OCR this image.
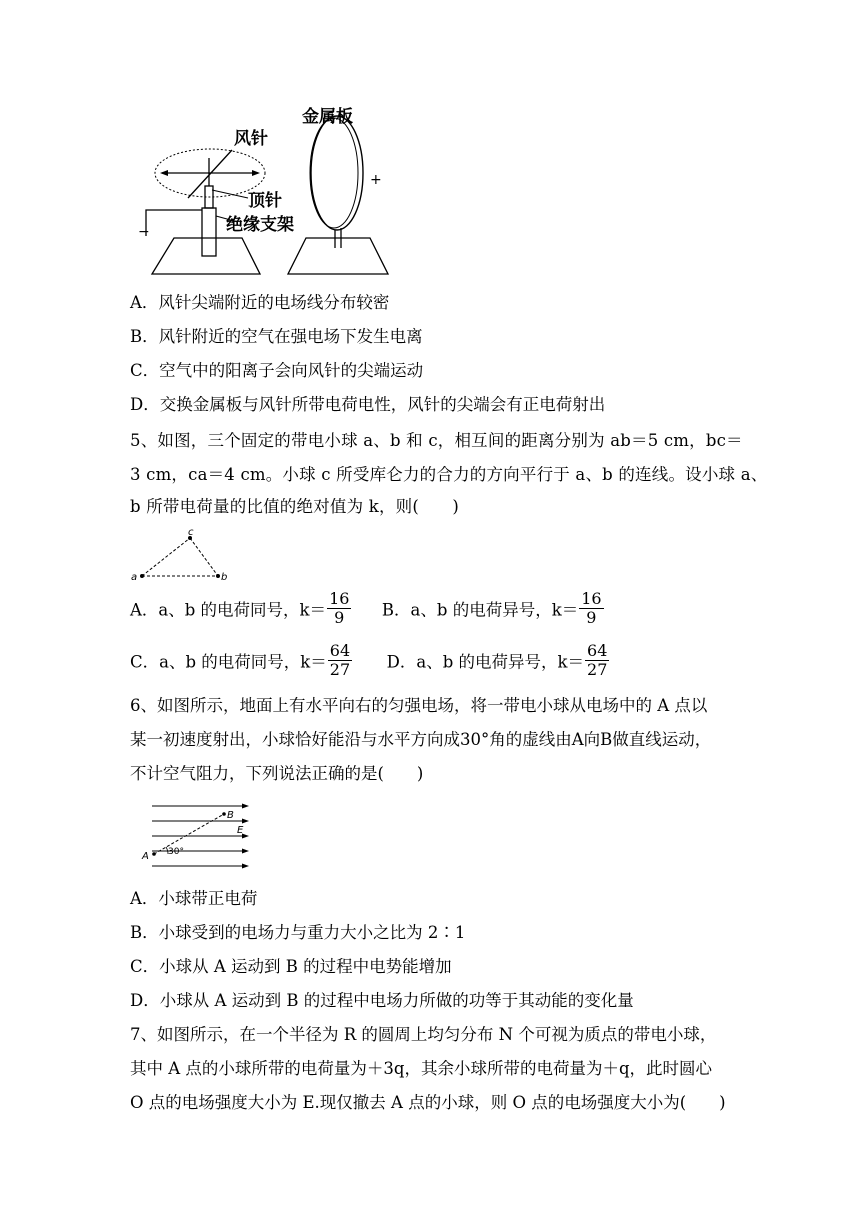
−
风针
顶针
绝缘支架
金属板
+
A．风针尖端附近的电场线分布较密
B．风针附近的空气在强电场下发生电离
C．空气中的阳离子会向风针的尖端运动
D．交换金属板与风针所带电荷电性，风针的尖端会有正电荷射出
5、如图，三个固定的带电小球 a、b 和 c，相互间的距离分别为 ab＝5 cm，bc＝
3 cm，ca＝4 cm。小球 c 所受库仑力的合力的方向平行于 a、b 的连线。设小球 a、
b 所带电荷量的比值的绝对值为 k，则(　　)
a	b
c
A．a、b 的电荷同号，$k= \frac{16}{9}$ B．a、b 的电荷异号，$k= \frac{16}{9}$
C．a、b 的电荷同号，$k= \frac{64}{27}$ D．a、b 的电荷异号，$k= \frac{64}{27}$
6、如图所示，地面上有水平向右的匀强电场，将一带电小球从电场中的 A 点以
某一初速度射出，小球恰好能沿与水平方向成30°角的虚线由A向B做直线运动，
不计空气阻力，下列说法正确的是(　　)
A
B
E
30°
A．小球带正电荷
B．小球受到的电场力与重力大小之比为 2∶1
C．小球从 A 运动到 B 的过程中电势能增加
D．小球从 A 运动到 B 的过程中电场力所做的功等于其动能的变化量
7、如图所示，在一个半径为 R 的圆周上均匀分布 N 个可视为质点的带电小球，
其中 A 点的小球所带的电荷量为＋3q，其余小球所带的电荷量为＋q，此时圆心
O 点的电场强度大小为 E.现仅撤去 A 点的小球，则 O 点的电场强度大小为(　　)
